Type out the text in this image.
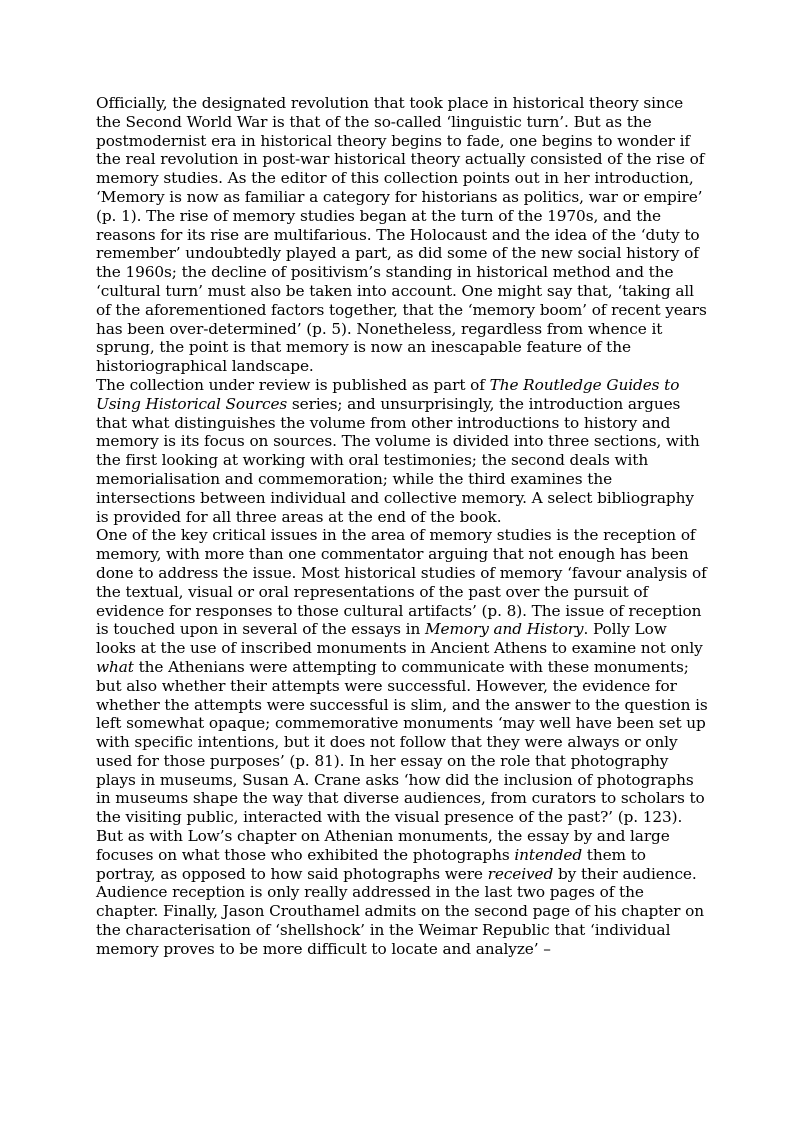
Officially, the designated revolution that took place in historical theory since the Second World War is that of the so-called ‘linguistic turn’. But as the postmodernist era in historical theory begins to fade, one begins to wonder if the real revolution in post-war historical theory actually consisted of the rise of memory studies. As the editor of this collection points out in her introduction, ‘Memory is now as familiar a category for historians as politics, war or empire’ (p. 1). The rise of memory studies began at the turn of the 1970s, and the reasons for its rise are multifarious. The Holocaust and the idea of the ‘duty to remember’ undoubtedly played a part, as did some of the new social history of the 1960s; the decline of positivism’s standing in historical method and the ‘cultural turn’ must also be taken into account. One might say that, ‘taking all of the aforementioned factors together, that the ‘memory boom’ of recent years has been over-determined’ (p. 5). Nonetheless, regardless from whence it sprung, the point is that memory is now an inescapable feature of the historiographical landscape.

The collection under review is published as part of The Routledge Guides to Using Historical Sources series; and unsurprisingly, the introduction argues that what distinguishes the volume from other introductions to history and memory is its focus on sources. The volume is divided into three sections, with the first looking at working with oral testimonies; the second deals with memorialisation and commemoration; while the third examines the intersections between individual and collective memory. A select bibliography is provided for all three areas at the end of the book.

One of the key critical issues in the area of memory studies is the reception of memory, with more than one commentator arguing that not enough has been done to address the issue. Most historical studies of memory ‘favour analysis of the textual, visual or oral representations of the past over the pursuit of evidence for responses to those cultural artifacts’ (p. 8). The issue of reception is touched upon in several of the essays in Memory and History. Polly Low looks at the use of inscribed monuments in Ancient Athens to examine not only what the Athenians were attempting to communicate with these monuments; but also whether their attempts were successful. However, the evidence for whether the attempts were successful is slim, and the answer to the question is left somewhat opaque; commemorative monuments ‘may well have been set up with specific intentions, but it does not follow that they were always or only used for those purposes’ (p. 81). In her essay on the role that photography plays in museums, Susan A. Crane asks ‘how did the inclusion of photographs in museums shape the way that diverse audiences, from curators to scholars to the visiting public, interacted with the visual presence of the past?’ (p. 123). But as with Low’s chapter on Athenian monuments, the essay by and large focuses on what those who exhibited the photographs intended them to portray, as opposed to how said photographs were received by their audience. Audience reception is only really addressed in the last two pages of the chapter. Finally, Jason Crouthamel admits on the second page of his chapter on the characterisation of ‘shellshock’ in the Weimar Republic that ‘individual memory proves to be more difficult to locate and analyze’ –
